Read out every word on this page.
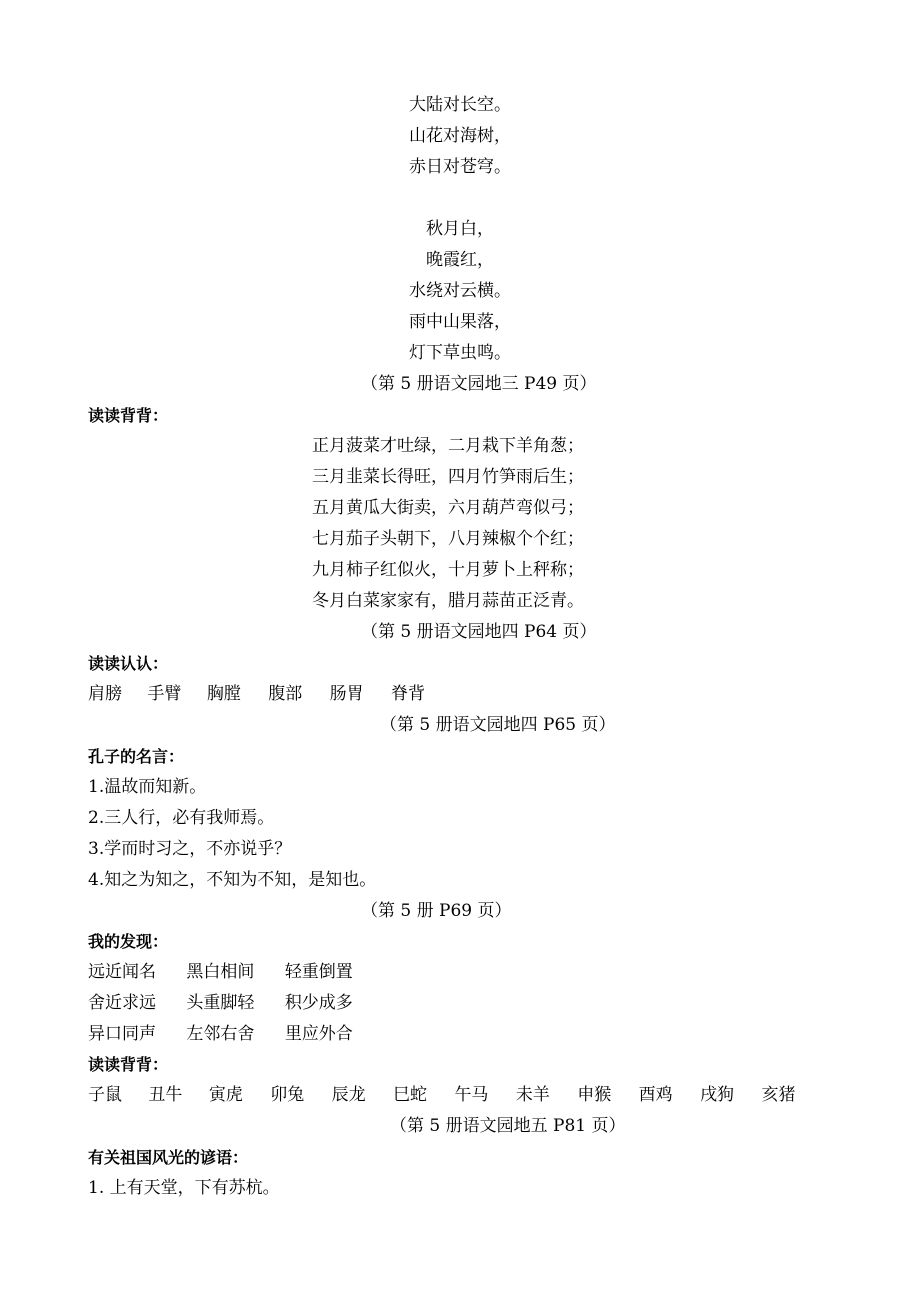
大陆对长空。
山花对海树，
赤日对苍穹。
秋月白，
晚霞红，
水绕对云横。
雨中山果落，
灯下草虫鸣。
（第 5 册语文园地三 P49 页）
读读背背：
正月菠菜才吐绿，二月栽下羊角葱；
三月韭菜长得旺，四月竹笋雨后生；
五月黄瓜大街卖，六月葫芦弯似弓；
七月茄子头朝下，八月辣椒个个红；
九月柿子红似火，十月萝卜上秤称；
冬月白菜家家有，腊月蒜苗正泛青。
（第 5 册语文园地四 P64 页）
读读认认：
肩膀 手臂 胸膛 腹部 肠胃 脊背
（第 5 册语文园地四 P65 页）
孔子的名言：
1.温故而知新。
2.三人行，必有我师焉。
3.学而时习之，不亦说乎？
4.知之为知之，不知为不知，是知也。
（第 5 册 P69 页）
我的发现：
远近闻名 黑白相间 轻重倒置
舍近求远 头重脚轻 积少成多
异口同声 左邻右舍 里应外合
读读背背：
子鼠 丑牛 寅虎 卯兔 辰龙 巳蛇 午马 未羊 申猴 酉鸡 戌狗 亥猪
（第 5 册语文园地五 P81 页）
有关祖国风光的谚语：
1. 上有天堂，下有苏杭。
